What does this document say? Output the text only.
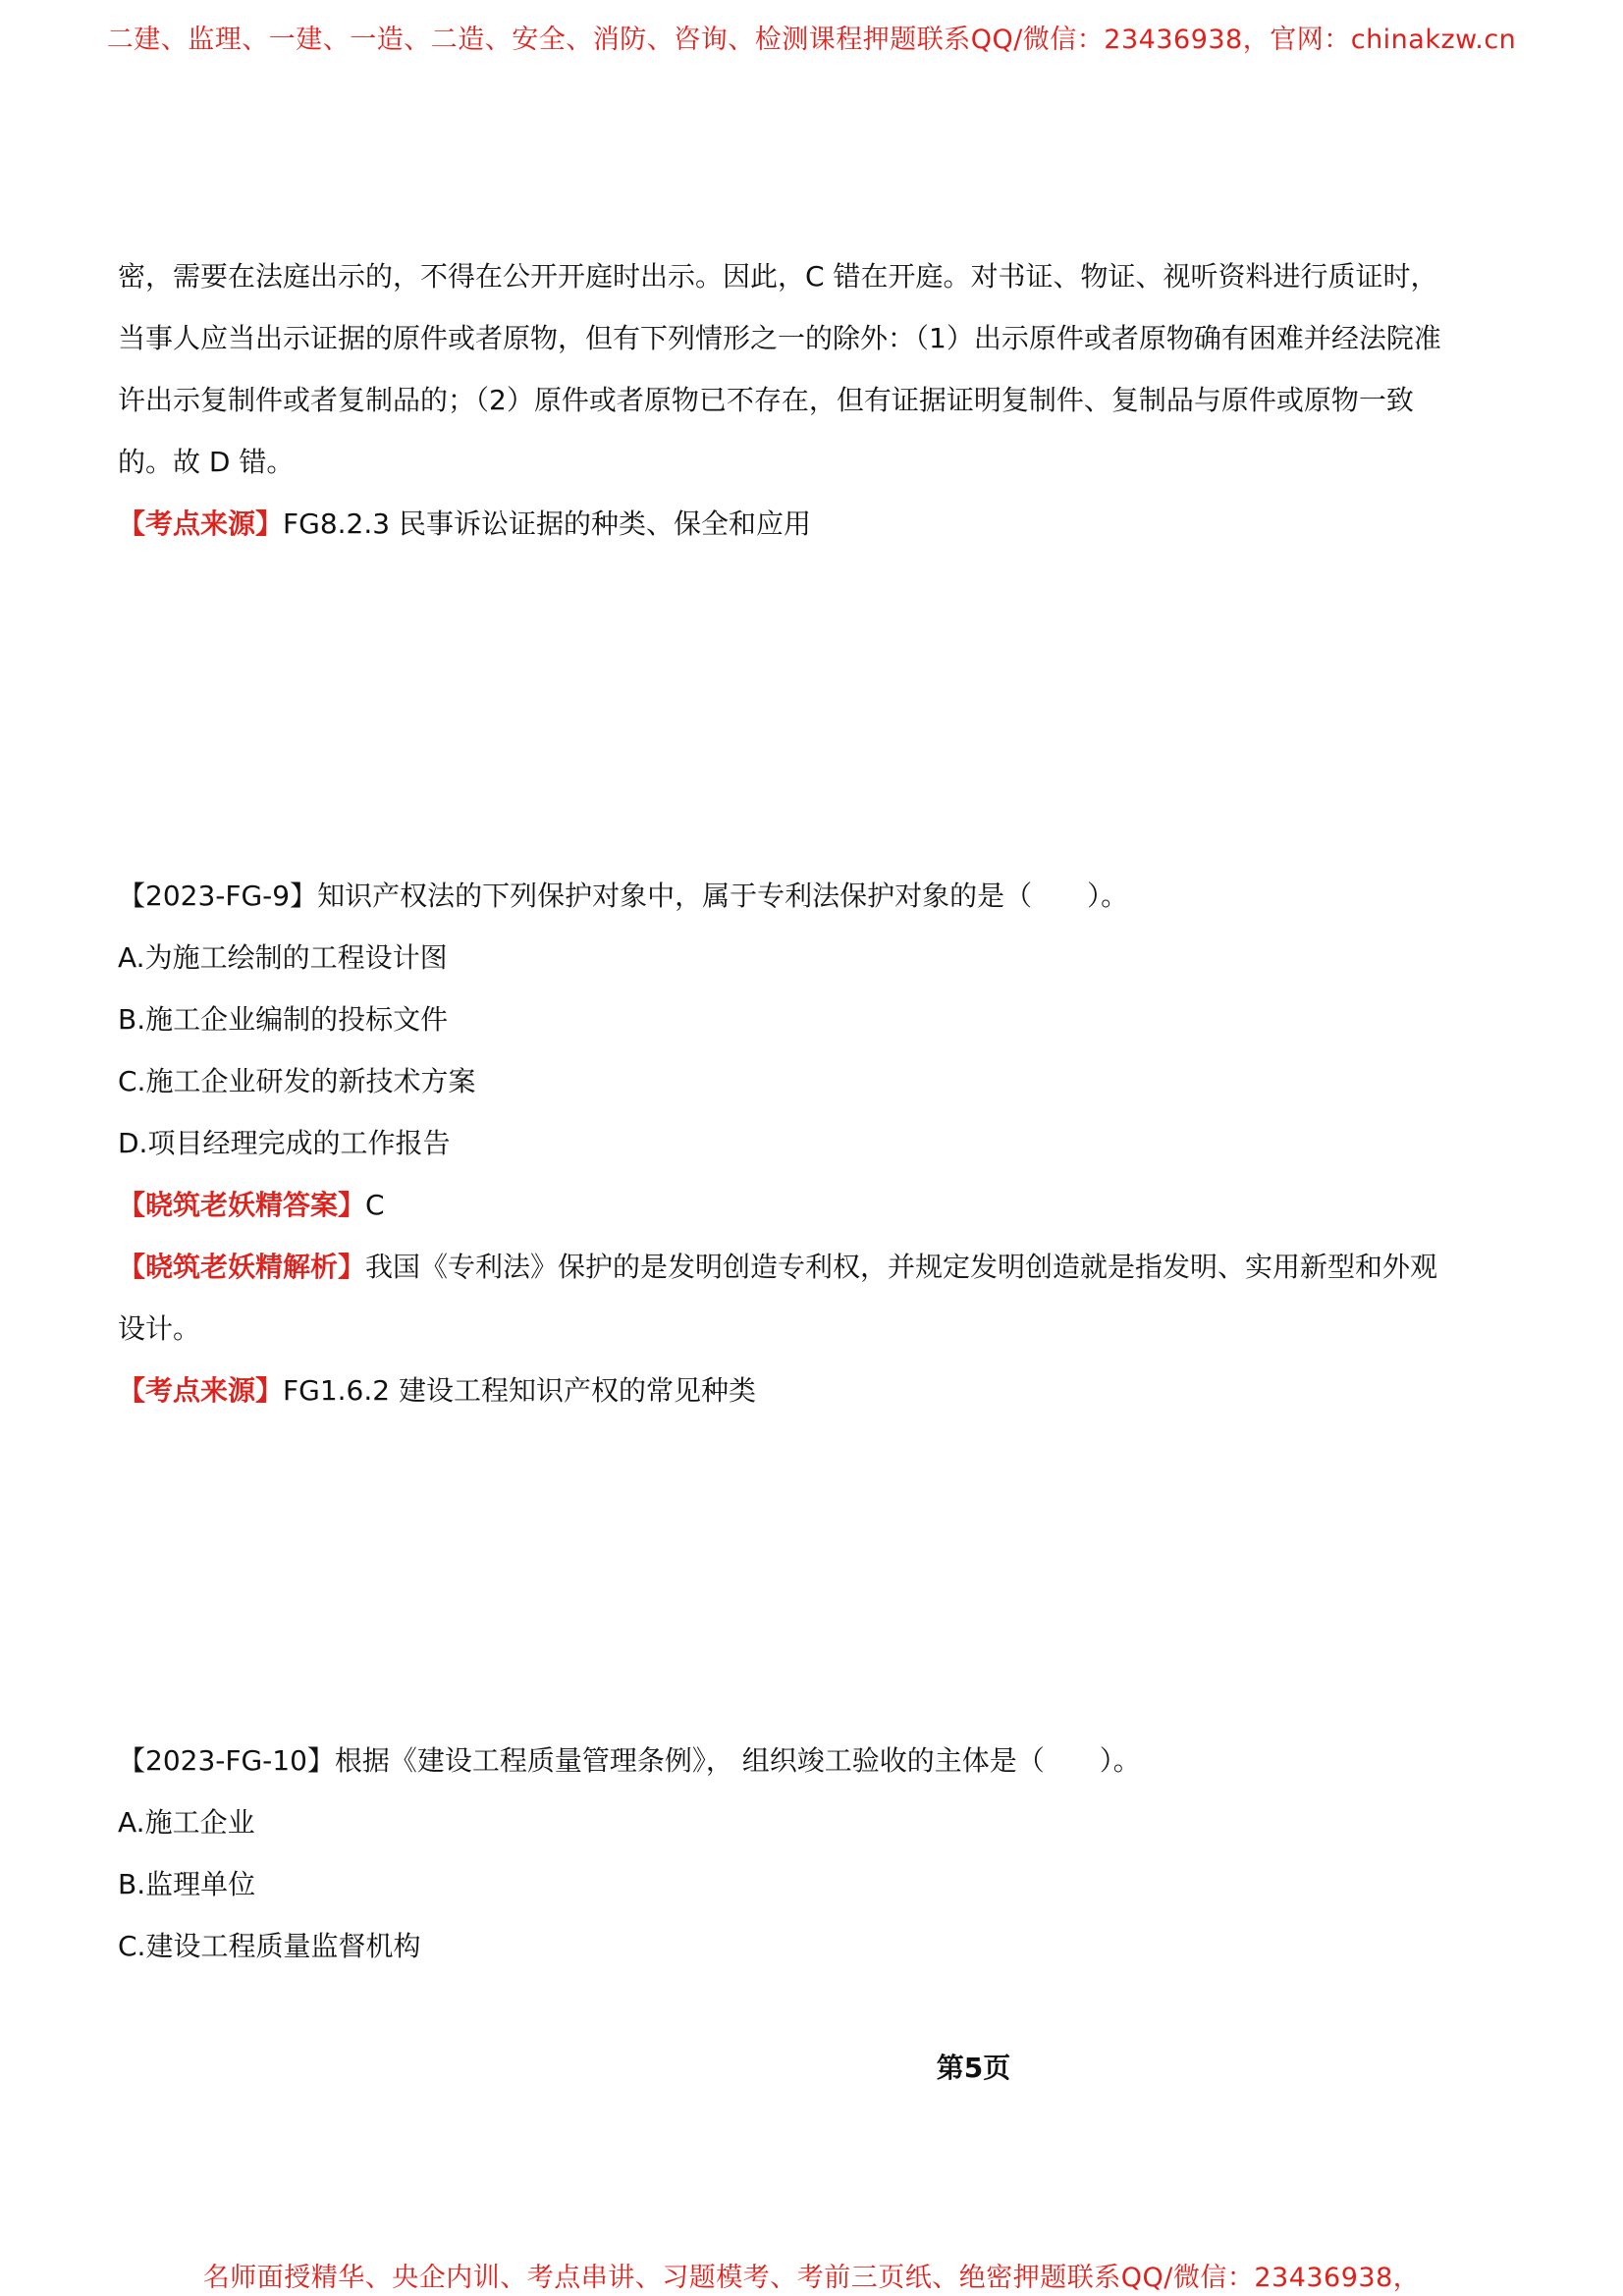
二建、监理、一建、一造、二造、安全、消防、咨询、检测课程押题联系QQ/微信：23436938，官网：chinakzw.cn
密，需要在法庭出示的，不得在公开开庭时出示。因此，C 错在开庭。对书证、物证、视听资料进行质证时，
当事人应当出示证据的原件或者原物，但有下列情形之一的除外：（1）出示原件或者原物确有困难并经法院准
许出示复制件或者复制品的；（2）原件或者原物已不存在，但有证据证明复制件、复制品与原件或原物一致
的。故 D 错。
【考点来源】FG8.2.3 民事诉讼证据的种类、保全和应用
【2023-FG-9】知识产权法的下列保护对象中，属于专利法保护对象的是（　　）。
A.为施工绘制的工程设计图
B.施工企业编制的投标文件
C.施工企业研发的新技术方案
D.项目经理完成的工作报告
【晓筑老妖精答案】C
【晓筑老妖精解析】我国《专利法》保护的是发明创造专利权，并规定发明创造就是指发明、实用新型和外观
设计。
【考点来源】FG1.6.2 建设工程知识产权的常见种类
【2023-FG-10】根据《建设工程质量管理条例》， 组织竣工验收的主体是（　　）。
A.施工企业
B.监理单位
C.建设工程质量监督机构
第5页
名师面授精华、央企内训、考点串讲、习题模考、考前三页纸、绝密押题联系QQ/微信：23436938，
